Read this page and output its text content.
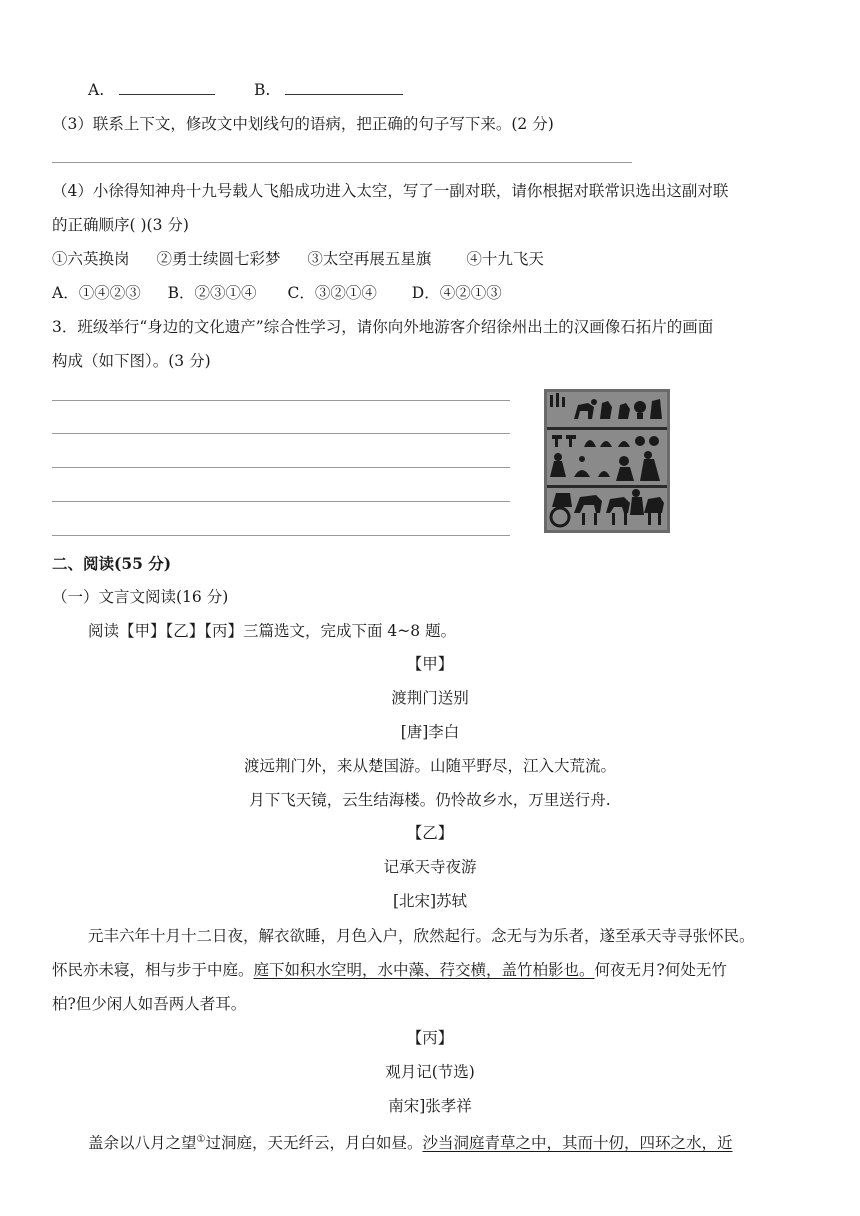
A.	B.
（3）联系上下文，修改文中划线句的语病，把正确的句子写下来。(2 分)
（4）小徐得知神舟十九号载人飞船成功进入太空，写了一副对联，请你根据对联常识选出这副对联
的正确顺序( )(3 分)
①六英换岗 ②勇士续圆七彩梦 ③太空再展五星旗 ④十九飞天
A．①④②③ B．②③①④ C．③②①④ D．④②①③
3．班级举行“身边的文化遗产”综合性学习，请你向外地游客介绍徐州出土的汉画像石拓片的画面
构成（如下图）。(3 分)
二、阅读(55 分)
（一）文言文阅读(16 分)
阅读【甲】【乙】【丙】三篇选文，完成下面 4~8 题。
【甲】
渡荆门送别
[唐]李白
渡远荆门外，来从楚国游。山随平野尽，江入大荒流。
月下飞天镜，云生结海楼。仍怜故乡水，万里送行舟.
【乙】
记承天寺夜游
[北宋]苏轼
元丰六年十月十二日夜，解衣欲睡，月色入户，欣然起行。念无与为乐者，遂至承天寺寻张怀民。
怀民亦未寝，相与步于中庭。庭下如积水空明，水中藻、荇交横，盖竹柏影也。何夜无月?何处无竹
柏?但少闲人如吾两人者耳。
【丙】
观月记(节选)
南宋]张孝祥
盖余以八月之望①过洞庭，天无纤云，月白如昼。沙当洞庭青草之中，其而十仞，四环之水，近
